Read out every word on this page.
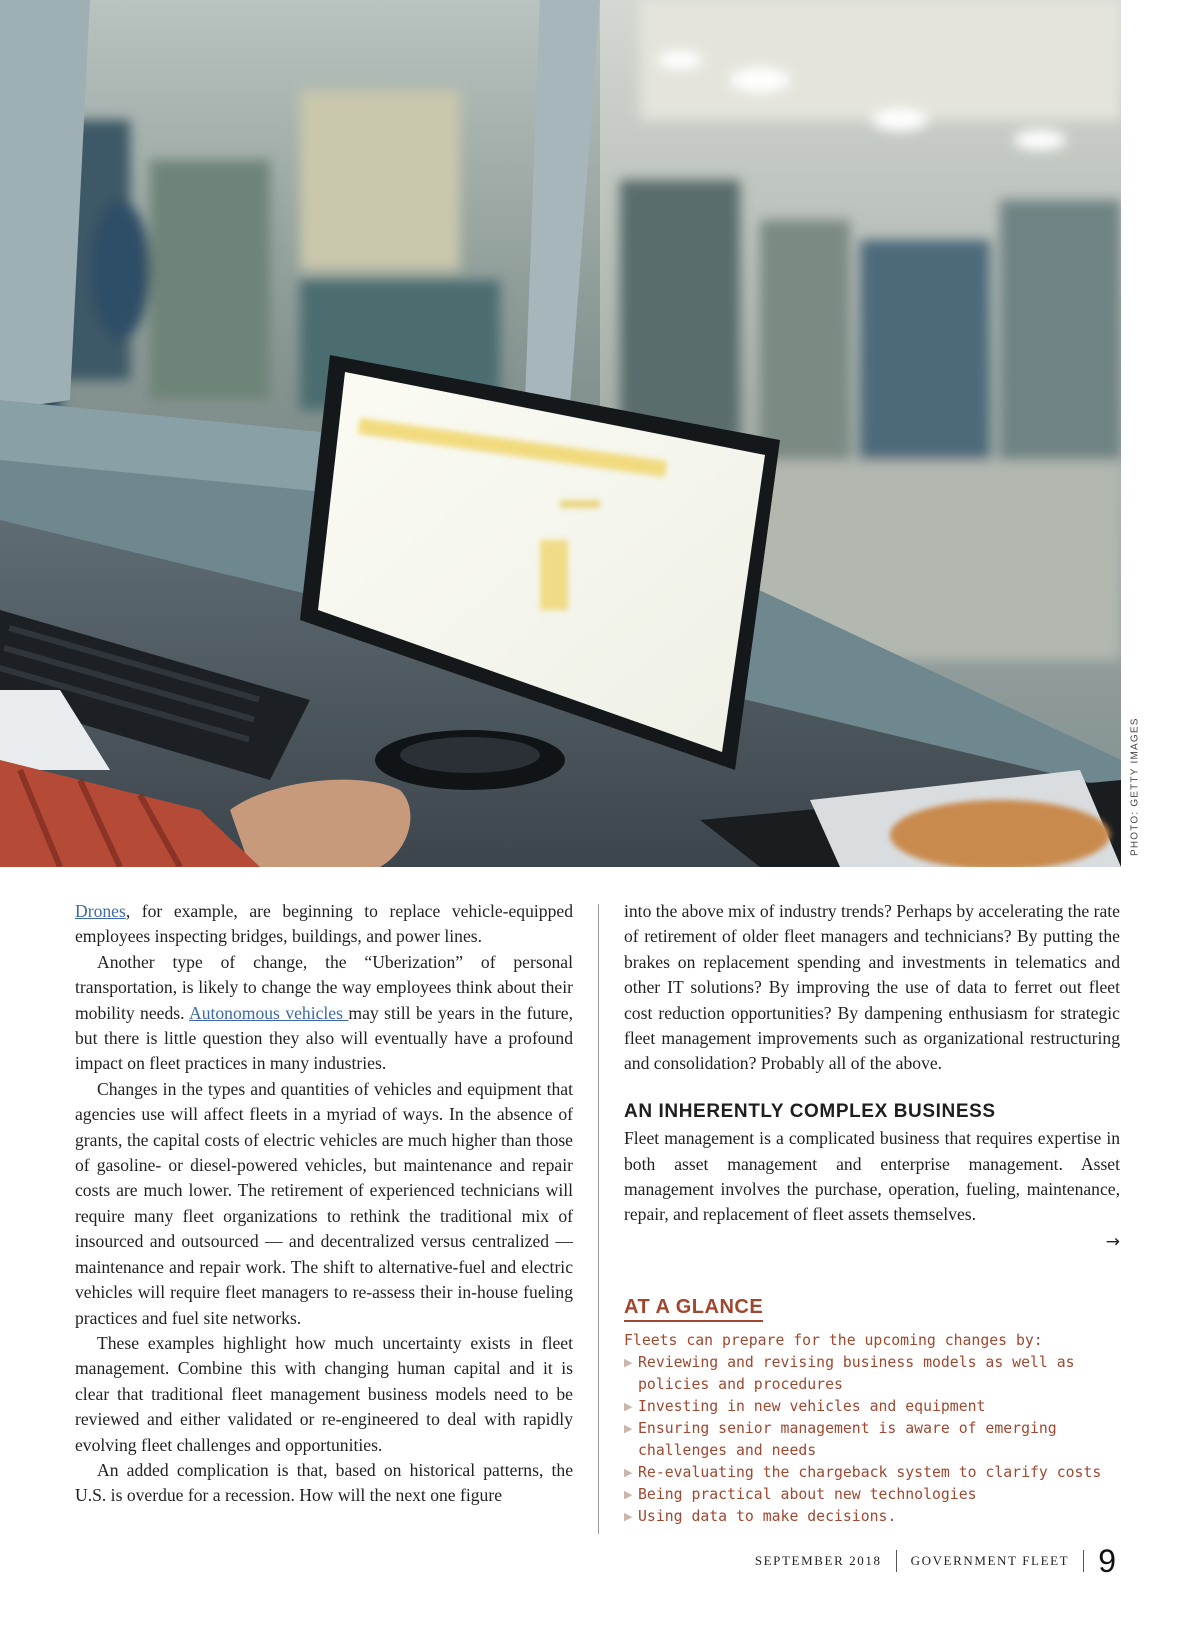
PHOTO: GETTY IMAGES

Drones, for example, are beginning to replace vehicle-equipped employees inspecting bridges, buildings, and power lines.

Another type of change, the “Uberization” of personal transportation, is likely to change the way employees think about their mobility needs. Autonomous vehicles may still be years in the future, but there is little question they also will eventually have a profound impact on fleet practices in many industries.

Changes in the types and quantities of vehicles and equipment that agencies use will affect fleets in a myriad of ways. In the absence of grants, the capital costs of electric vehicles are much higher than those of gasoline- or diesel-powered vehicles, but maintenance and repair costs are much lower. The retirement of experienced technicians will require many fleet organizations to rethink the traditional mix of insourced and outsourced — and decentralized versus centralized — maintenance and repair work. The shift to alternative-fuel and electric vehicles will require fleet managers to re-assess their in-house fueling practices and fuel site networks.

These examples highlight how much uncertainty exists in fleet management. Combine this with changing human capital and it is clear that traditional fleet management business models need to be reviewed and either validated or re-engineered to deal with rapidly evolving fleet challenges and opportunities.

An added complication is that, based on historical patterns, the U.S. is overdue for a recession. How will the next one figure

into the above mix of industry trends? Perhaps by accelerating the rate of retirement of older fleet managers and technicians? By putting the brakes on replacement spending and investments in telematics and other IT solutions? By improving the use of data to ferret out fleet cost reduction opportunities? By dampening enthusiasm for strategic fleet management improvements such as organizational restructuring and consolidation? Probably all of the above.

AN INHERENTLY COMPLEX BUSINESS

Fleet management is a complicated business that requires expertise in both asset management and enterprise management. Asset management involves the purchase, operation, fueling, maintenance, repair, and replacement of fleet assets themselves.

→
AT A GLANCE
Fleets can prepare for the upcoming changes by:
▶ Reviewing and revising business models as well as policies and procedures
▶ Investing in new vehicles and equipment
▶ Ensuring senior management is aware of emerging challenges and needs
▶ Re-evaluating the chargeback system to clarify costs
▶ Being practical about new technologies
▶ Using data to make decisions.
SEPTEMBER 2018 GOVERNMENT FLEET 9
